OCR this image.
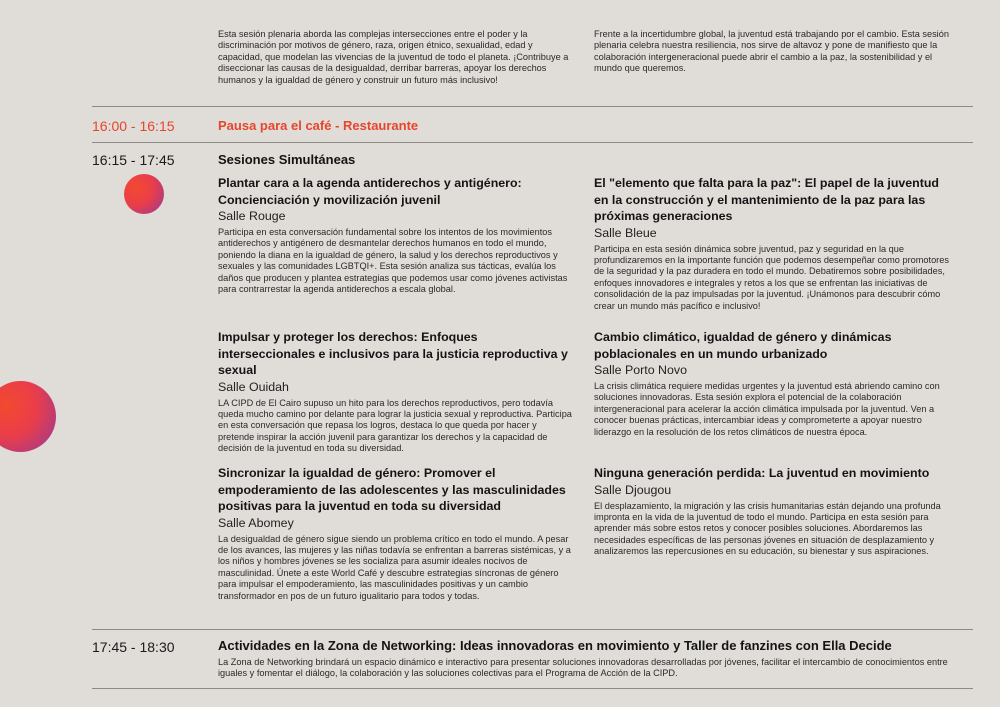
Esta sesión plenaria aborda las complejas intersecciones entre el poder y la discriminación por motivos de género, raza, origen étnico, sexualidad, edad y capacidad, que modelan las vivencias de la juventud de todo el planeta. ¡Contribuye a diseccionar las causas de la desigualdad, derribar barreras, apoyar los derechos humanos y la igualdad de género y construir un futuro más inclusivo!

Frente a la incertidumbre global, la juventud está trabajando por el cambio. Esta sesión plenaria celebra nuestra resiliencia, nos sirve de altavoz y pone de manifiesto que la colaboración intergeneracional puede abrir el cambio a la paz, la sostenibilidad y el mundo que queremos.

16:00 - 16:15	Pausa para el café - Restaurante
16:15 - 17:45	Sesiones Simultáneas

Plantar cara a la agenda antiderechos y antigénero: Concienciación y movilización juvenil

Salle Rouge

Participa en esta conversación fundamental sobre los intentos de los movimientos antiderechos y antigénero de desmantelar derechos humanos en todo el mundo, poniendo la diana en la igualdad de género, la salud y los derechos reproductivos y sexuales y las comunidades LGBTQI+. Esta sesión analiza sus tácticas, evalúa los daños que producen y plantea estrategias que podemos usar como jóvenes activistas para contrarrestar la agenda antiderechos a escala global.

Impulsar y proteger los derechos: Enfoques interseccionales e inclusivos para la justicia reproductiva y sexual

Salle Ouidah

LA CIPD de El Cairo supuso un hito para los derechos reproductivos, pero todavía queda mucho camino por delante para lograr la justicia sexual y reproductiva. Participa en esta conversación que repasa los logros, destaca lo que queda por hacer y pretende inspirar la acción juvenil para garantizar los derechos y la capacidad de decisión de la juventud en toda su diversidad.

Sincronizar la igualdad de género: Promover el empoderamiento de las adolescentes y las masculinidades positivas para la juventud en toda su diversidad

Salle Abomey

La desigualdad de género sigue siendo un problema crítico en todo el mundo. A pesar de los avances, las mujeres y las niñas todavía se enfrentan a barreras sistémicas, y a los niños y hombres jóvenes se les socializa para asumir ideales nocivos de masculinidad. Únete a este World Café y descubre estrategias síncronas de género para impulsar el empoderamiento, las masculinidades positivas y un cambio transformador en pos de un futuro igualitario para todos y todas.

El "elemento que falta para la paz": El papel de la juventud en la construcción y el mantenimiento de la paz para las próximas generaciones

Salle Bleue

Participa en esta sesión dinámica sobre juventud, paz y seguridad en la que profundizaremos en la importante función que podemos desempeñar como promotores de la seguridad y la paz duradera en todo el mundo. Debatiremos sobre posibilidades, enfoques innovadores e integrales y retos a los que se enfrentan las iniciativas de consolidación de la paz impulsadas por la juventud. ¡Unámonos para descubrir cómo crear un mundo más pacífico e inclusivo!

Cambio climático, igualdad de género y dinámicas poblacionales en un mundo urbanizado

Salle Porto Novo

La crisis climática requiere medidas urgentes y la juventud está abriendo camino con soluciones innovadoras. Esta sesión explora el potencial de la colaboración intergeneracional para acelerar la acción climática impulsada por la juventud. Ven a conocer buenas prácticas, intercambiar ideas y comprometerte a apoyar nuestro liderazgo en la resolución de los retos climáticos de nuestra época.

Ninguna generación perdida: La juventud en movimiento

Salle Djougou

El desplazamiento, la migración y las crisis humanitarias están dejando una profunda impronta en la vida de la juventud de todo el mundo. Participa en esta sesión para aprender más sobre estos retos y conocer posibles soluciones. Abordaremos las necesidades específicas de las personas jóvenes en situación de desplazamiento y analizaremos las repercusiones en su educación, su bienestar y sus aspiraciones.

17:45 - 18:30	Actividades en la Zona de Networking: Ideas innovadoras en movimiento y Taller de fanzines con Ella Decide

La Zona de Networking brindará un espacio dinámico e interactivo para presentar soluciones innovadoras desarrolladas por jóvenes, facilitar el intercambio de conocimientos entre iguales y fomentar el diálogo, la colaboración y las soluciones colectivas para el Programa de Acción de la CIPD.
